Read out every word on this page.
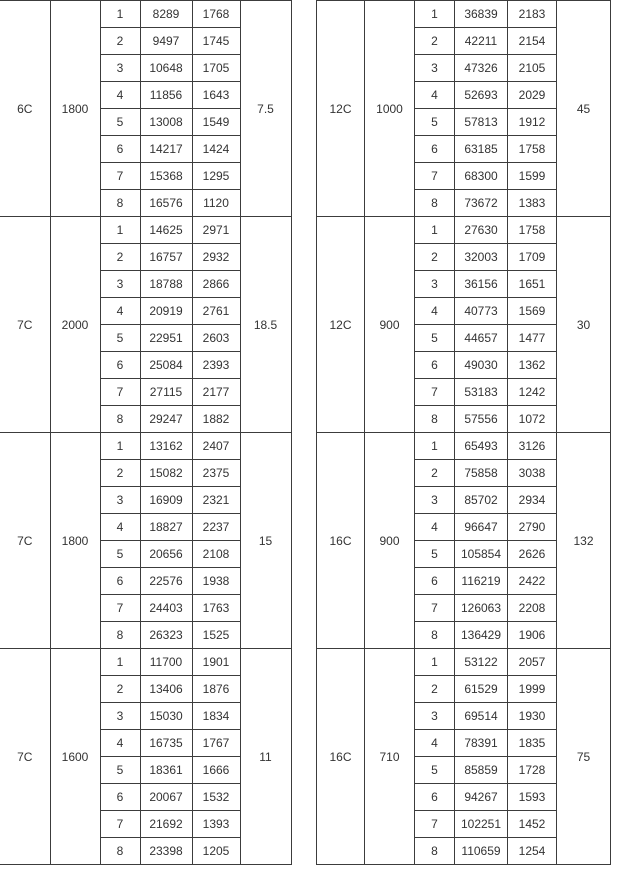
6C	1800	1	8289	1768	7.5
		2	9497	1745	
		3	10648	1705	
		4	11856	1643	
		5	13008	1549	
		6	14217	1424	
		7	15368	1295	
		8	16576	1120	
7C	2000	1	14625	2971	18.5
		2	16757	2932	
		3	18788	2866	
		4	20919	2761	
		5	22951	2603	
		6	25084	2393	
		7	27115	2177	
		8	29247	1882	
7C	1800	1	13162	2407	15
		2	15082	2375	
		3	16909	2321	
		4	18827	2237	
		5	20656	2108	
		6	22576	1938	
		7	24403	1763	
		8	26323	1525	
7C	1600	1	11700	1901	11
		2	13406	1876	
		3	15030	1834	
		4	16735	1767	
		5	18361	1666	
		6	20067	1532	
		7	21692	1393	
		8	23398	1205	
12C	1000	1	36839	2183	45
		2	42211	2154	
		3	47326	2105	
		4	52693	2029	
		5	57813	1912	
		6	63185	1758	
		7	68300	1599	
		8	73672	1383	
12C	900	1	27630	1758	30
		2	32003	1709	
		3	36156	1651	
		4	40773	1569	
		5	44657	1477	
		6	49030	1362	
		7	53183	1242	
		8	57556	1072	
16C	900	1	65493	3126	132
		2	75858	3038	
		3	85702	2934	
		4	96647	2790	
		5	105854	2626	
		6	116219	2422	
		7	126063	2208	
		8	136429	1906	
16C	710	1	53122	2057	75
		2	61529	1999	
		3	69514	1930	
		4	78391	1835	
		5	85859	1728	
		6	94267	1593	
		7	102251	1452	
		8	110659	1254	
